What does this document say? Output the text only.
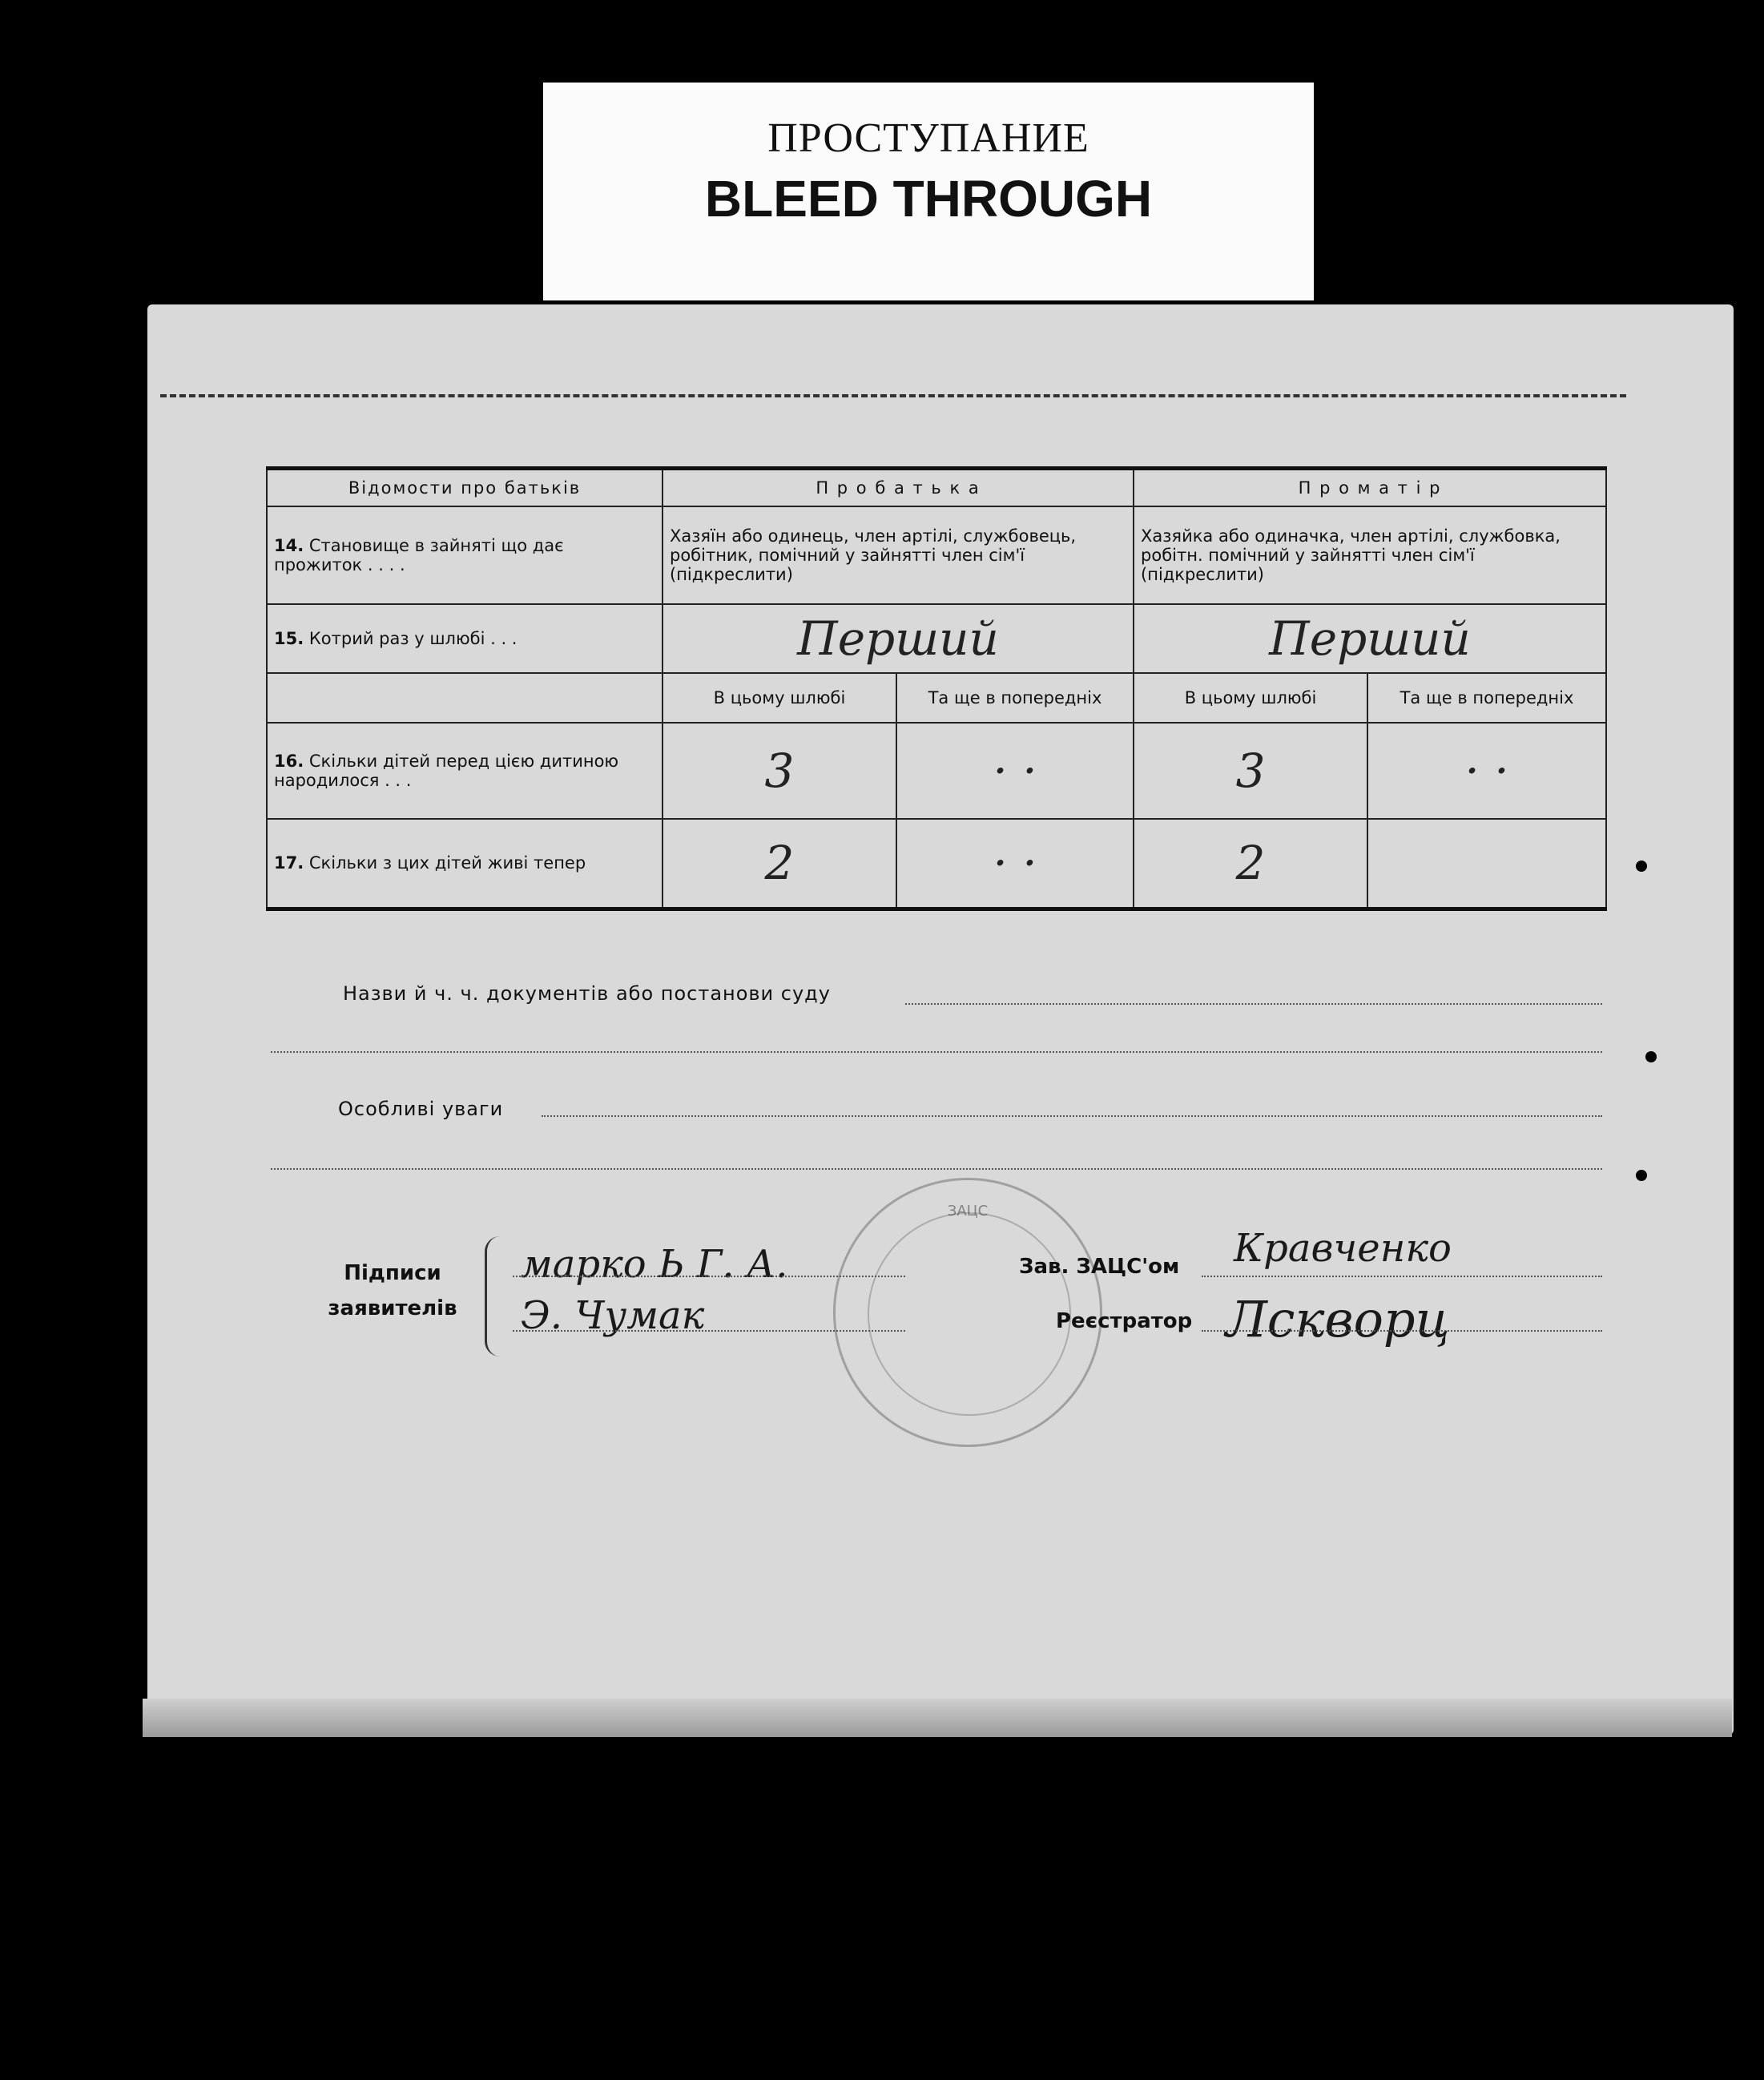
ПРОСТУПАНИЕ
BLEED THROUGH
Відомости про батьків	П р о б а т ь к а		П р о м а т і р	
14. Становище в зайняті що дає прожиток . . . .	Хазяїн або одинець, член артілі, службовець, робітник, помічний у зайнятті член сім'ї (підкреслити)		Хазяйка або одиначка, член артілі, службовка, робітн. помічний у зайнятті член сім'ї (підкреслити)	
15. Котрий раз у шлюбі . . .	Перший		Перший	
	В цьому шлюбі	Та ще в попередніх	В цьому шлюбі	Та ще в попередніх
16. Скільки дітей перед цією дитиною народилося . . .	3	· ·	3	· ·
17. Скільки з цих дітей живі тепер	2	· ·	2	
Назви й ч. ч. документів або постанови суду
Особливі уваги
ЗАЦС
Підписи
заявителів
марко Ь Г. А.
Э. Чумак
Зав. ЗАЦС'ом Кравченко
Реєстратор Лскворц
